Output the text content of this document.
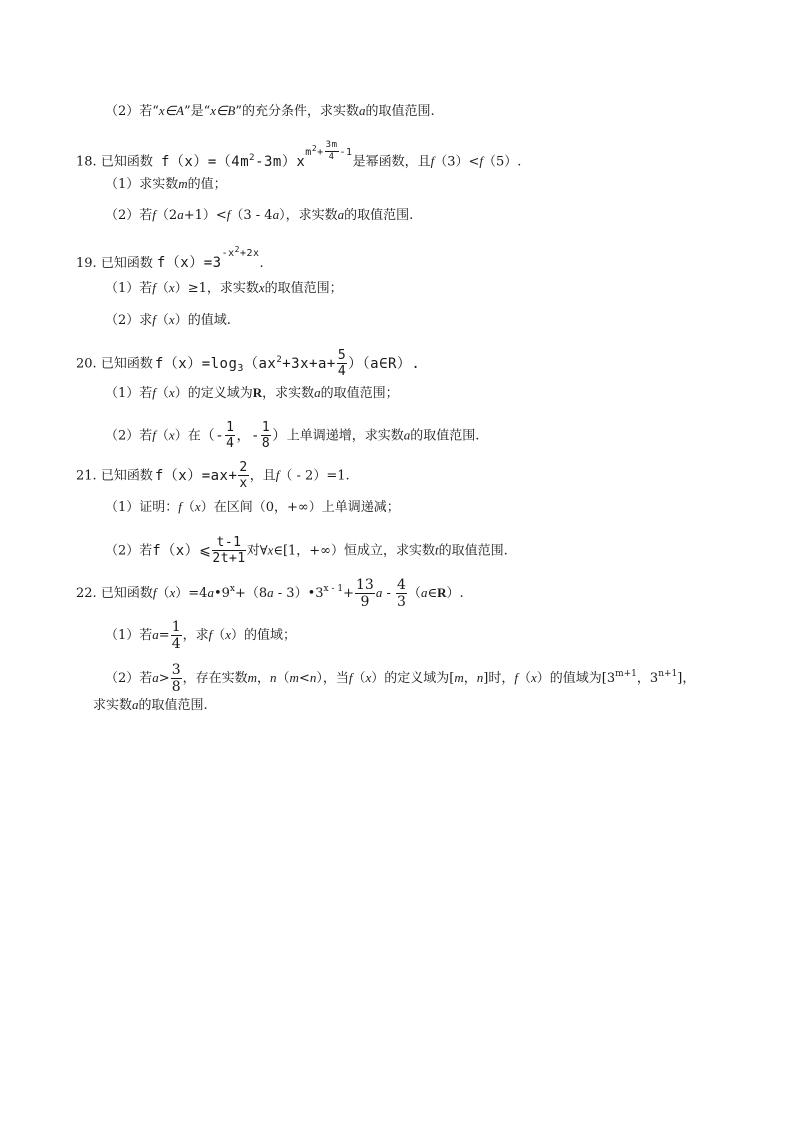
（2）若“x∈A”是“x∈B”的充分条件，求实数a的取值范围.
18. 已知函数 $f(x)=(4m^2-3m)x^{m^2+ \frac{3m}{4} -1}$是幂函数，且f（3）<f（5）.
（1）求实数m的值；
（2）若f（2a+1）<f（3 - 4a），求实数a的取值范围.
19. 已知函数 $f(x)=3^{-x^2+2x}$.
（1）若f（x）≥1，求实数x的取值范围；
（2）求f（x）的值域.
20. 已知函数 $f(x)=\log_3(ax^2+3x+a+ \frac{5}{4}$ ）（a∈R）.
（1）若f（x）的定义域为R，求实数a的取值范围；
（2）若f（x）在（- $\frac{1}{4}$ ，- $\frac{1}{8}$ ）上单调递增，求实数a的取值范围.
21. 已知函数 $f(x)=ax+ \frac{2}{x}$ ，且f（ - 2）=1.
（1）证明：f（x）在区间（0，+∞）上单调递减；
（2）若f（x）⩽ $\frac{t-1}{2t+1}$ 对∀x∈[1，+∞）恒成立，求实数t的取值范围.
22. 已知函数$f(x)=4a•9^x+(8a$ - $3)•3^{x - 1}+ \frac{13}{9}$ a - $\frac{4}{3}$ （a∈R）.
（1）若$a= \frac{1}{4}$ ，求f（x）的值域；
（2）若$a> \frac{3}{8}$ ，存在实数m，n（m<n），当f（x）的定义域为[m，n]时，f（x）的值域为[$3^{m+1}$，$3^{n+1}$]，
求实数a的取值范围.
